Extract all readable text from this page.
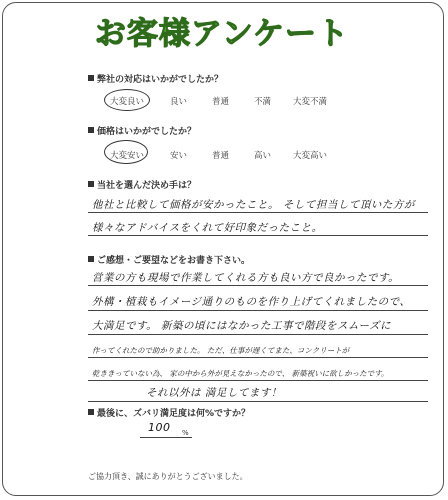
お客様アンケート
弊社の対応はいかがでしたか？
大変良い	良い	普通	不満	大変不満
価格はいかがでしたか？
大変安い	安い	普通	高い	大変高い
当社を選んだ決め手は？
他社と比較して価格が安かったこと。 そして担当して頂いた方が
様々なアドバイスをくれて好印象だったこと。
ご感想・ご要望などをお書き下さい。
営業の方も現場で作業してくれる方も良い方で良かったです。
外構・植栽もイメージ通りのものを作り上げてくれましたので、
大満足です。 新築の頃にはなかった工事で階段をスムーズに
作ってくれたので助かりました。 ただ、仕事が遅くてまた、コンクリートが
乾ききっていない為、 家の中から外が見えなかったので、 新築祝いに欲しかったです。
それ以外は 満足してます！
最後に、ズバリ満足度は何%ですか？
100 %
ご協力頂き、誠にありがとうございました。
